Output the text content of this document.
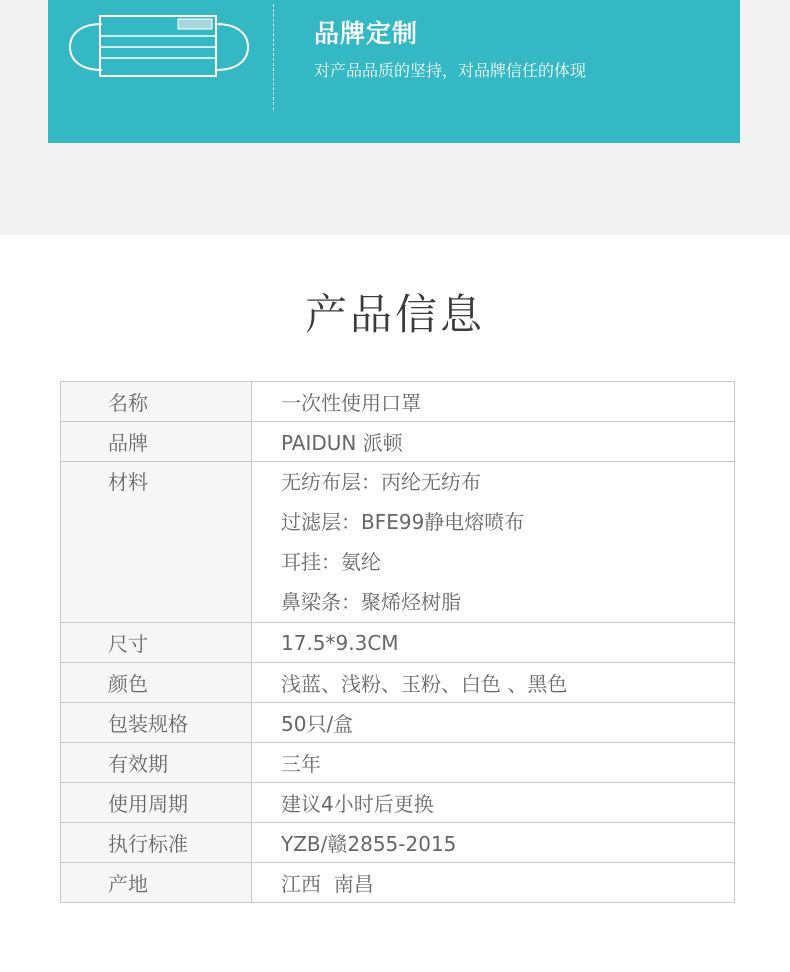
品牌定制
对产品品质的坚持，对品牌信任的体现
产品信息
名称	一次性使用口罩
品牌	PAIDUN 派顿

材料	无纺布层：丙纶无纺布
过滤层：BFE99静电熔喷布
耳挂：氨纶
鼻梁条：聚烯烃树脂

尺寸	17.5*9.3CM
颜色	浅蓝、浅粉、玉粉、白色 、黑色
包装规格	50只/盒
有效期	三年
使用周期	建议4小时后更换
执行标准	YZB/赣2855-2015
产地	江西  南昌
